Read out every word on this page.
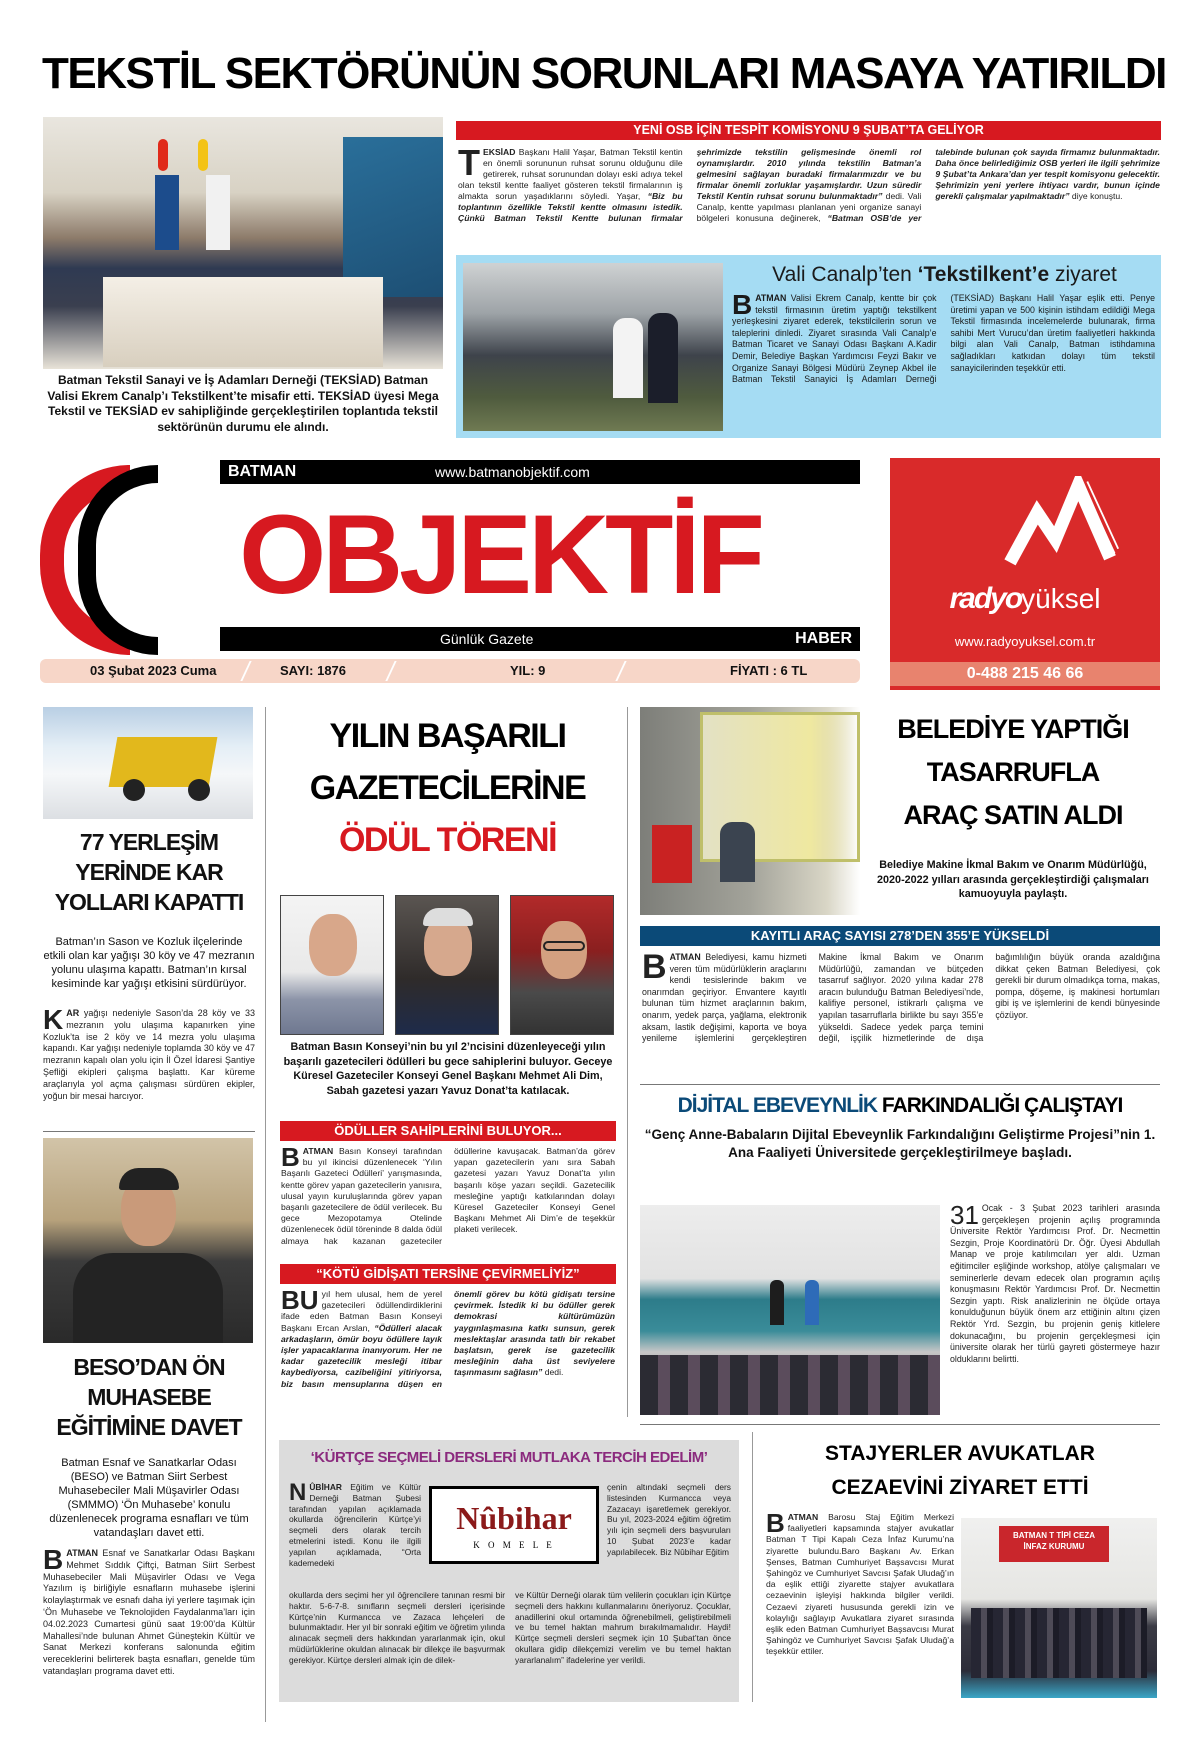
TEKSTİL SEKTÖRÜNÜN SORUNLARI MASAYA YATIRILDI
Batman Tekstil Sanayi ve İş Adamları Derneği (TEKSİAD) Batman Valisi Ekrem Canalp’ı Tekstilkent’te misafir etti. TEKSİAD üyesi Mega Tekstil ve TEKSİAD ev sahipliğinde gerçekleştirilen toplantıda tekstil sektörünün durumu ele alındı.
YENİ OSB İÇİN TESPİT KOMİSYONU 9 ŞUBAT’TA GELİYOR
TEKSİAD Başkanı Halil Yaşar, Batman Tekstil kentin en önemli sorununun ruhsat sorunu olduğunu dile getirerek, ruhsat sorunundan dolayı eski adıya tekel olan tekstil kentte faaliyet gösteren tekstil firmalarının iş almakta sorun yaşadıklarını söyledi. Yaşar, “Biz bu toplantının özellikle Tekstil kentte olmasını istedik. Çünkü Batman Tekstil Kentte bulunan firmalar şehrimizde tekstilin gelişmesinde önemli rol oynamışlardır. 2010 yılında tekstilin Batman’a gelmesini sağlayan buradaki firmalarımızdır ve bu firmalar önemli zorluklar yaşamışlardır. Uzun süredir Tekstil Kentin ruhsat sorunu bulunmaktadır” dedi. Vali Canalp, kentte yapılması planlanan yeni organize sanayi bölgeleri konusuna değinerek, “Batman OSB’de yer talebinde bulunan çok sayıda firmamız bulunmaktadır. Daha önce belirlediğimiz OSB yerleri ile ilgili şehrimize 9 Şubat’ta Ankara’dan yer tespit komisyonu gelecektir. Şehrimizin yeni yerlere ihtiyacı vardır, bunun içinde gerekli çalışmalar yapılmaktadır” diye konuştu.
Vali Canalp’ten ‘Tekstilkent’e ziyaret
BATMAN Valisi Ekrem Canalp, kentte bir çok tekstil firmasının üretim yaptığı tekstilkent yerleşkesini ziyaret ederek, tekstilcilerin sorun ve taleplerini dinledi. Ziyaret sırasında Vali Canalp’e Batman Ticaret ve Sanayi Odası Başkanı A.Kadir Demir, Belediye Başkan Yardımcısı Feyzi Bakır ve Organize Sanayi Bölgesi Müdürü Zeynep Akbel ile Batman Tekstil Sanayici İş Adamları Derneği (TEKSİAD) Başkanı Halil Yaşar eşlik etti. Penye üretimi yapan ve 500 kişinin istihdam edildiği Mega Tekstil firmasında incelemelerde bulunarak, firma sahibi Mert Vurucu’dan üretim faaliyetleri hakkında bilgi alan Vali Canalp, Batman istihdamına sağladıkları katkıdan dolayı tüm tekstil sanayicilerinden teşekkür etti.
BATMAN	www.batmanobjektif.com
OBJEKTİF
Günlük Gazete	HABER
03 Şubat 2023 Cuma	SAYI: 1876	YIL: 9	FİYATI : 6 TL
radyoyüksel
www.radyoyuksel.com.tr
0-488 215 46 66
77 YERLEŞİM YERİNDE KAR YOLLARI KAPATTI
Batman’ın Sason ve Kozluk ilçelerinde etkili olan kar yağışı 30 köy ve 47 mezranın yolunu ulaşıma kapattı. Batman’ın kırsal kesiminde kar yağışı etkisini sürdürüyor.
KAR yağışı nedeniyle Sason’da 28 köy ve 33 mezranın yolu ulaşıma kapanırken yine Kozluk’ta ise 2 köy ve 14 mezra yolu ulaşıma kapandı. Kar yağışı nedeniyle toplamda 30 köy ve 47 mezranın kapalı olan yolu için İl Özel İdaresi Şantiye Şefliği ekipleri çalışma başlattı. Kar küreme araçlarıyla yol açma çalışması sürdüren ekipler, yoğun bir mesai harcıyor.
BESO’DAN ÖN MUHASEBE EĞİTİMİNE DAVET
Batman Esnaf ve Sanatkarlar Odası (BESO) ve Batman Siirt Serbest Muhasebeciler Mali Müşavirler Odası (SMMMO) ‘Ön Muhasebe’ konulu düzenlenecek programa esnafları ve tüm vatandaşları davet etti.
BATMAN Esnaf ve Sanatkarlar Odası Başkanı Mehmet Sıddık Çiftçi, Batman Siirt Serbest Muhasebeciler Mali Müşavirler Odası ve Vega Yazılım iş birliğiyle esnafların muhasebe işlerini kolaylaştırmak ve esnafı daha iyi yerlere taşımak için ‘Ön Muhasebe ve Teknolojiden Faydalanma’ları için 04.02.2023 Cumartesi günü saat 19:00’da Kültür Mahallesi’nde bulunan Ahmet Güneştekin Kültür ve Sanat Merkezi konferans salonunda eğitim vereceklerini belirterek başta esnafları, genelde tüm vatandaşları programa davet etti.
YILIN BAŞARILI
GAZETECİLERİNE
ÖDÜL TÖRENİ
Batman Basın Konseyi’nin bu yıl 2’ncisini düzenleyeceği yılın başarılı gazetecileri ödülleri bu gece sahiplerini buluyor. Geceye Küresel Gazeteciler Konseyi Genel Başkanı Mehmet Ali Dim, Sabah gazetesi yazarı Yavuz Donat’ta katılacak.
ÖDÜLLER SAHİPLERİNİ BULUYOR...
BATMAN Basın Konseyi tarafından bu yıl ikincisi düzenlenecek ‘Yılın Başarılı Gazeteci Ödülleri’ yarışmasında, kentte görev yapan gazetecilerin yanısıra, ulusal yayın kuruluşlarında görev yapan başarılı gazetecilere de ödül verilecek. Bu gece Mezopotamya Otelinde düzenlenecek ödül töreninde 8 dalda ödül almaya hak kazanan gazeteciler ödüllerine kavuşacak. Batman’da görev yapan gazetecilerin yanı sıra Sabah gazetesi yazarı Yavuz Donat’ta yılın başarılı köşe yazarı seçildi. Gazetecilik mesleğine yaptığı katkılarından dolayı Küresel Gazeteciler Konseyi Genel Başkanı Mehmet Ali Dim’e de teşekkür plaketi verilecek.
“KÖTÜ GİDİŞATI TERSİNE ÇEVİRMELİYİZ”
BU yıl hem ulusal, hem de yerel gazetecileri ödüllendirdiklerini ifade eden Batman Basın Konseyi Başkanı Ercan Arslan, “Ödülleri alacak arkadaşların, ömür boyu ödüllere layık işler yapacaklarına inanıyorum. Her ne kadar gazetecilik mesleği itibar kaybediyorsa, cazibeliğini yitiriyorsa, biz basın mensuplarına düşen en önemli görev bu kötü gidişatı tersine çevirmek. İstedik ki bu ödüller gerek demokrasi kültürümüzün yaygınlaşmasına katkı sunsun, gerek meslektaşlar arasında tatlı bir rekabet başlatsın, gerek ise gazetecilik mesleğinin daha üst seviyelere taşınmasını sağlasın” dedi.
BELEDİYE YAPTIĞI
TASARRUFLA
ARAÇ SATIN ALDI
Belediye Makine İkmal Bakım ve Onarım Müdürlüğü, 2020-2022 yılları arasında gerçekleştirdiği çalışmaları kamuoyuyla paylaştı.
KAYITLI ARAÇ SAYISI 278’DEN 355’E YÜKSELDİ
BATMAN Belediyesi, kamu hizmeti veren tüm müdürlüklerin araçlarını kendi tesislerinde bakım ve onarımdan geçiriyor. Envantere kayıtlı bulunan tüm hizmet araçlarının bakım, onarım, yedek parça, yağlama, elektronik aksam, lastik değişimi, kaporta ve boya yenileme işlemlerini gerçekleştiren Makine İkmal Bakım ve Onarım Müdürlüğü, zamandan ve bütçeden tasarruf sağlıyor. 2020 yılına kadar 278 aracın bulunduğu Batman Belediyesi’nde, kalifiye personel, istikrarlı çalışma ve yapılan tasarruflarla birlikte bu sayı 355’e yükseldi. Sadece yedek parça temini değil, işçilik hizmetlerinde de dışa bağımlılığın büyük oranda azaldığına dikkat çeken Batman Belediyesi, çok gerekli bir durum olmadıkça torna, makas, pompa, döşeme, iş makinesi hortumları gibi iş ve işlemlerini de kendi bünyesinde çözüyor.
DİJİTAL EBEVEYNLİK FARKINDALIĞI ÇALIŞTAYI
“Genç Anne-Babaların Dijital Ebeveynlik Farkındalığını Geliştirme Projesi”nin 1. Ana Faaliyeti Üniversitede gerçekleştirilmeye başladı.
31 Ocak - 3 Şubat 2023 tarihleri arasında gerçekleşen projenin açılış programında Üniversite Rektör Yardımcısı Prof. Dr. Necmettin Sezgin, Proje Koordinatörü Dr. Öğr. Üyesi Abdullah Manap ve proje katılımcıları yer aldı. Uzman eğitimciler eşliğinde workshop, atölye çalışmaları ve seminerlerle devam edecek olan programın açılış konuşmasını Rektör Yardımcısı Prof. Dr. Necmettin Sezgin yaptı. Risk analizlerinin ne ölçüde ortaya konulduğunun büyük önem arz ettiğinin altını çizen Rektör Yrd. Sezgin, bu projenin geniş kitlelere dokunacağını, bu projenin gerçekleşmesi için üniversite olarak her türlü gayreti göstermeye hazır olduklarını belirtti.
‘KÜRTÇE SEÇMELİ DERSLERİ MUTLAKA TERCİH EDELİM’
Nûbihar
K O M E L E
NÛBİHAR Eğitim ve Kültür Derneği Batman Şubesi tarafından yapılan açıklamada okullarda öğrencilerin Kürtçe’yi seçmeli ders olarak tercih etmelerini istedi. Konu ile ilgili yapılan açıklamada, “Orta kademedeki
çenin altındaki seçmeli ders listesinden Kurmancca veya Zazacayı işaretlemek gerekiyor. Bu yıl, 2023-2024 eğitim öğretim yılı için seçmeli ders başvuruları 10 Şubat 2023’e kadar yapılabilecek. Biz Nûbihar Eğitim
okullarda ders seçimi her yıl öğrencilere tanınan resmi bir haktır. 5-6-7-8. sınıfların seçmeli dersleri içerisinde Kürtçe’nin Kurmancca ve Zazaca lehçeleri de bulunmaktadır. Her yıl bir sonraki eğitim ve öğretim yılında alınacak seçmeli ders hakkından yararlanmak için, okul müdürlüklerine okuldan alınacak bir dilekçe ile başvurmak gerekiyor. Kürtçe dersleri almak için de dilek-
ve Kültür Derneği olarak tüm velilerin çocukları için Kürtçe seçmeli ders hakkını kullanmalarını öneriyoruz. Çocuklar, anadillerini okul ortamında öğrenebilmeli, geliştirebilmeli ve bu temel haktan mahrum bırakılmamalıdır. Haydi! Kürtçe seçmeli dersleri seçmek için 10 Şubat’tan önce okullara gidip dilekçemizi verelim ve bu temel haktan yararlanalım” ifadelerine yer verildi.
STAJYERLER AVUKATLAR
CEZAEVİNİ ZİYARET ETTİ
BATMAN Barosu Staj Eğitim Merkezi faaliyetleri kapsamında stajyer avukatlar Batman T Tipi Kapalı Ceza İnfaz Kurumu’na ziyarette bulundu.Baro Başkanı Av. Erkan Şenses, Batman Cumhuriyet Başsavcısı Murat Şahingöz ve Cumhuriyet Savcısı Şafak Uludağ’ın da eşlik ettiği ziyarette stajyer avukatlara cezaevinin işleyişi hakkında bilgiler verildi. Cezaevi ziyareti hususunda gerekli izin ve kolaylığı sağlayıp Avukatlara ziyaret sırasında eşlik eden Batman Cumhuriyet Başsavcısı Murat Şahingöz ve Cumhuriyet Savcısı Şafak Uludağ’a teşekkür ettiler.
BATMAN T TİPİ CEZA İNFAZ KURUMU
